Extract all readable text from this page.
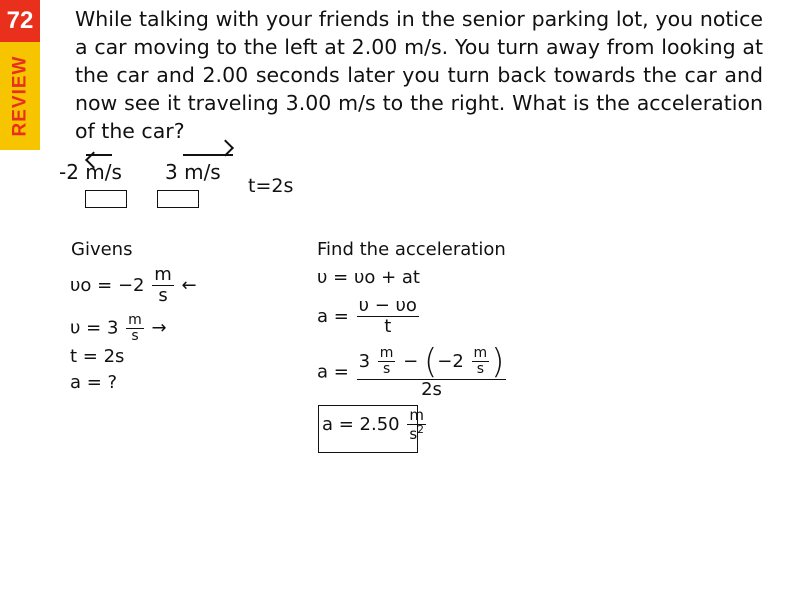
72
REVIEW
While talking with your friends in the senior parking lot, you notice a car moving to the left at 2.00 m/s. You turn away from looking at the car and 2.00 seconds later you turn back towards the car and now see it traveling 3.00 m/s to the right. What is the acceleration of the car?
-2 m/s 3 m/s
t=2s
Givens
$\upsilon o = -2 \frac{m}{s}$ ←
$\upsilon = 3 \frac{m}{s}$ →
t = 2s
a = ?
Find the acceleration
υ = υo + at
$a = \frac{\upsilon - \upsilon o}{t}$
$a = 3 \frac{m}{s} - (-2 \frac{m}{s}$ )
2s
$a = 2.50 \frac{m}{s^2}$
